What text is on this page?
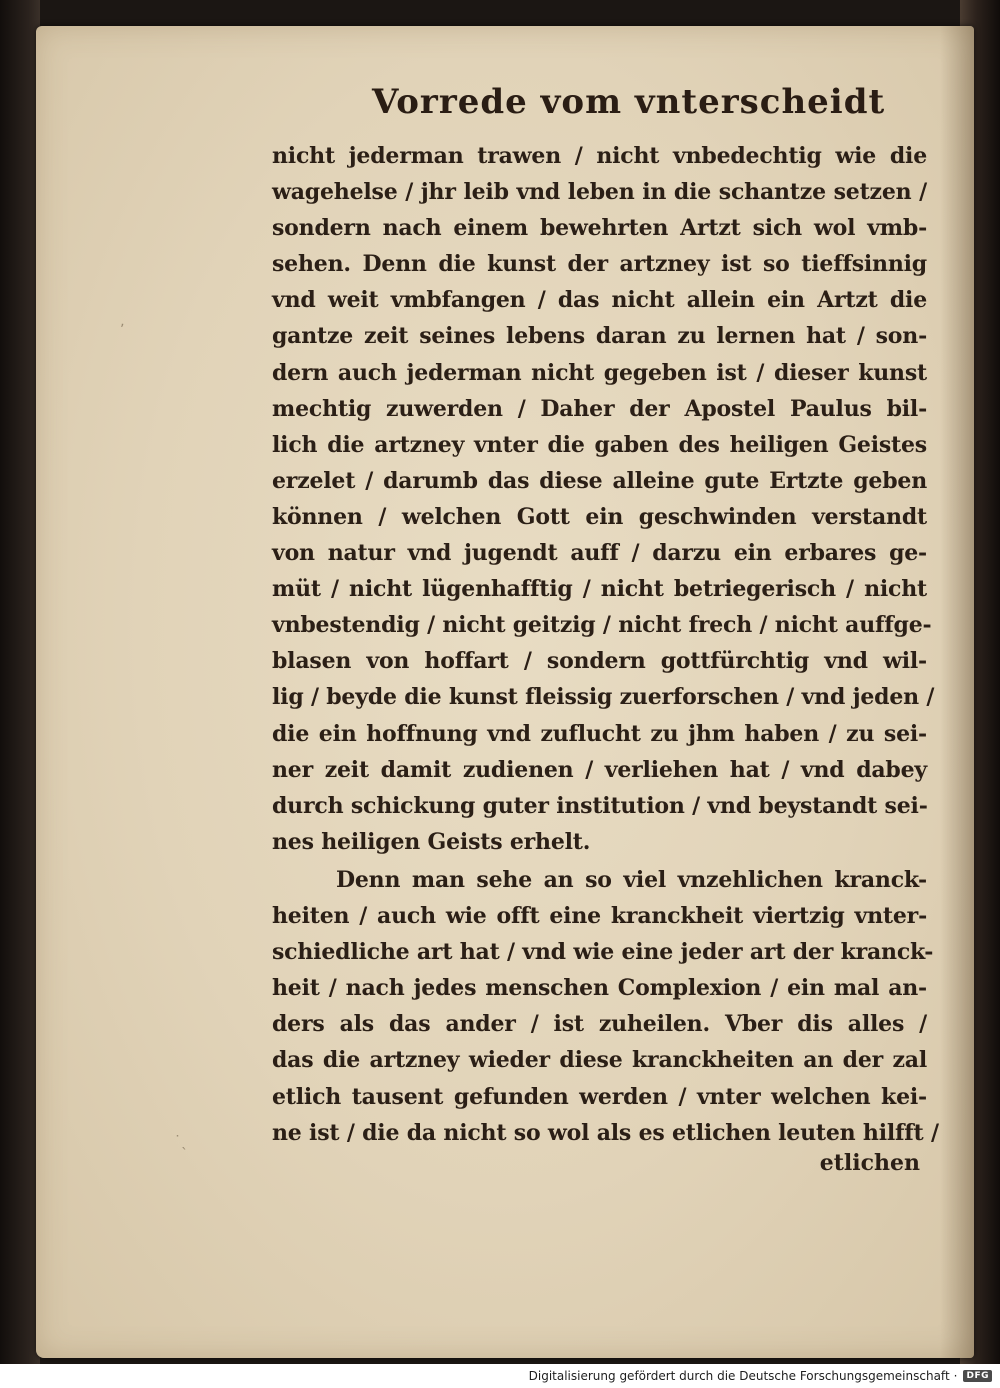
ʼ
˙ˎ
Vorrede vom vnterscheidt
nicht jederman trawen / nicht vnbedechtig wie die
wagehelse / jhr leib vnd leben in die schantze setzen /
sondern nach einem bewehrten Artzt sich wol vmb-
sehen. Denn die kunst der artzney ist so tieffsinnig
vnd weit vmbfangen / das nicht allein ein Artzt die
gantze zeit seines lebens daran zu lernen hat / son-
dern auch jederman nicht gegeben ist / dieser kunst
mechtig zuwerden / Daher der Apostel Paulus bil-
lich die artzney vnter die gaben des heiligen Geistes
erzelet / darumb das diese alleine gute Ertzte geben
können / welchen Gott ein geschwinden verstandt
von natur vnd jugendt auff / darzu ein erbares ge-
müt / nicht lügenhafftig / nicht betriegerisch / nicht
vnbestendig / nicht geitzig / nicht frech / nicht auffge-
blasen von hoffart / sondern gottfürchtig vnd wil-
lig / beyde die kunst fleissig zuerforschen / vnd jeden /
die ein hoffnung vnd zuflucht zu jhm haben / zu sei-
ner zeit damit zudienen / verliehen hat / vnd dabey
durch schickung guter institution / vnd beystandt sei-
nes heiligen Geists erhelt.
Denn man sehe an so viel vnzehlichen kranck-
heiten / auch wie offt eine kranckheit viertzig vnter-
schiedliche art hat / vnd wie eine jeder art der kranck-
heit / nach jedes menschen Complexion / ein mal an-
ders als das ander / ist zuheilen. Vber dis alles /
das die artzney wieder diese kranckheiten an der zal
etlich tausent gefunden werden / vnter welchen kei-
ne ist / die da nicht so wol als es etlichen leuten hilfft /
etlichen
Digitalisierung gefördert durch die Deutsche Forschungsgemeinschaft ·	DFG
